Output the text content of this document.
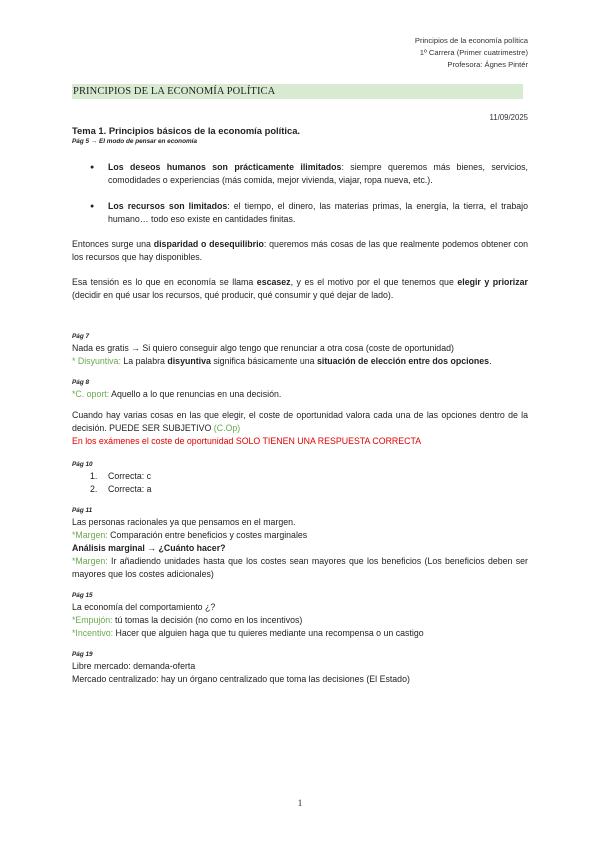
Principios de la economía política
1º Carrera (Primer cuatrimestre)
Profesora: Ágnes Pintér
PRINCIPIOS DE LA ECONOMÍA POLÍTICA
11/09/2025
Tema 1. Principios básicos de la economía política.
Pág 5 → El modo de pensar en economía
● Los deseos humanos son prácticamente ilimitados: siempre queremos más bienes, servicios, comodidades o experiencias (más comida, mejor vivienda, viajar, ropa nueva, etc.).
● Los recursos son limitados: el tiempo, el dinero, las materias primas, la energía, la tierra, el trabajo humano… todo eso existe en cantidades finitas.

Entonces surge una disparidad o desequilibrio: queremos más cosas de las que realmente podemos obtener con los recursos que hay disponibles.

Esa tensión es lo que en economía se llama escasez, y es el motivo por el que tenemos que elegir y priorizar (decidir en qué usar los recursos, qué producir, qué consumir y qué dejar de lado).

Pág 7

Nada es gratis → Si quiero conseguir algo tengo que renunciar a otra cosa (coste de oportunidad)

* Disyuntiva: La palabra disyuntiva significa básicamente una situación de elección entre dos opciones.

Pág 8

*C. oport: Aquello a lo que renuncias en una decisión.

Cuando hay varias cosas en las que elegir, el coste de oportunidad valora cada una de las opciones dentro de la decisión. PUEDE SER SUBJETIVO (C.Op)

En los exámenes el coste de oportunidad SOLO TIENEN UNA RESPUESTA CORRECTA

Pág 10
1. Correcta: c
2. Correcta: a
Pág 11

Las personas racionales ya que pensamos en el margen.

*Margen: Comparación entre beneficios y costes marginales

Análisis marginal → ¿Cuánto hacer?

*Margen: Ir añadiendo unidades hasta que los costes sean mayores que los beneficios (Los beneficios deben ser mayores que los costes adicionales)

Pág 15

La economía del comportamiento ¿?

*Empujón: tú tomas la decisión (no como en los incentivos)

*Incentivo: Hacer que alguien haga que tu quieres mediante una recompensa o un castigo

Pág 19

Libre mercado: demanda-oferta

Mercado centralizado: hay un órgano centralizado que toma las decisiones (El Estado)

1
